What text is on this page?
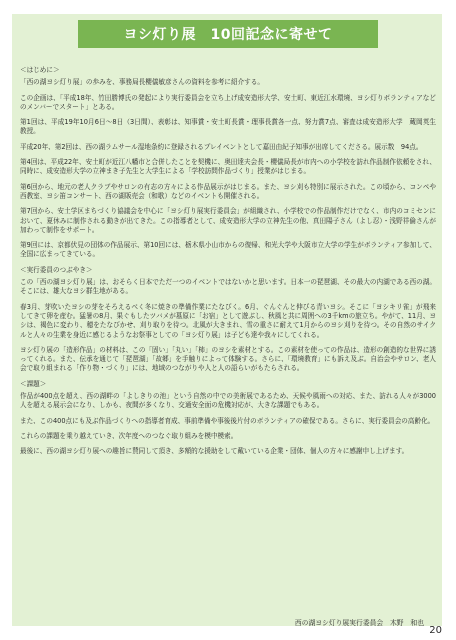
ヨシ灯り展　10回記念に寄せて

＜はじめに＞

「西の湖ヨシ灯り展」の歩みを、事務局長櫻儀敏彦さんの資料を参考に紹介する。

この企画は、「平成18年、竹田勝博氏の発起により実行委員会を立ち上げ成安造形大学、安土町、東近江水環境、ヨシ灯りボランティアなどのメンバーでスタート」とある。

第1回は、平成19年10月6日～8日（3日間）、表彰は、知事賞・安土町長賞・理事長賞各一点、努力賞7点、審査は成安造形大学　蔵岡英生教授。

平成20年、第2回は、西の湖ラムサール湿地条約に登録されるプレイベントとして嘉田由紀子知事が出席してくださる。展示数　94点。

第4回は、平成22年、安土町が近江八幡市と合併したことを契機に、奥田達夫会長・櫻儀局長が市内への小学校を訪れ作品制作依頼をされ、同時に、成安造形大学の立神まき子先生と大学生による「学校訪問作品づくり」授業がはじまる。

第6回から、地元の老人クラブやサロンの有志の方々による作品展示がはじまる。また、ヨシ刈も特別に展示された。この頃から、コンペや西教室、ヨシ笛コンサート、西の湖販売会（和歌）などのイベントも開催される。

第7回から、安土学区まちづくり協議会を中心に「ヨシ灯り展実行委員会」が組織され、小学校での作品制作だけでなく、市内のコミセンにおいて、夏休みに制作される動きが出てきた。この指導者として、成安造形大学の立神先生の他、真田陽子さん（よし忍）・浅野祥倫さんが加わって制作をサポート。

第9回には、京都伏見の団体の作品展示、第10回には、栃木県小山市からの復帰、和光大学や大阪市立大学の学生がボランティア参加して、全国に広まってきている。

＜実行委員のつぶやき＞

この「西の湖ヨシ灯り展」は、おそらく日本でただ一つのイベントではないかと思います。日本一の琵琶湖、その最大の内湖である西の湖。そこには、雄大なヨシ群生地がある。

春3月、芽吹いたヨシの芽をそろえるべく冬に焼きの準備作業にたなびく。6月、ぐんぐんと伸びる青いヨシ。そこに「ヨシキリ雀」が飛来してきて卵を産む。猛暑の8月、果ぐもしたツバメが墓原に「お宿」として遊ぶし、秋風と共に周囲への3千kmの旅立ち。やがて、11月、ヨシは、褐色に変わり、穂をたなびかせ、刈り取りを待つ。北風が大きまれ、雪の重さに耐えて1月からのヨシ刈りを待つ。その自然のサイクルと人々の生業を身近に感じるようなお祭事としての「ヨシ灯り展」は子ども達や我々にしてくれる。

ヨシ灯り展の「造形作品」の材料は、この「固い」「丸い」「柿」のヨシを素材とする。この素材を使っての作品は、造形の創造的な世界に誘ってくれる。また、伝承を通じて「琵琶湖」「故郷」を手触りによって体験する。さらに、「環境教育」にも訴え及ぶ。自治会やサロン、老人会で取り組まれる「作り物・づくり」には、地域のつながりや人と人の語らいがもたらされる。

＜課題＞

作品が400点を超え、西の湖畔の「よしきりの池」という自然の中での美術展であるため、天候や風雨への対応、また、訪れる人々が3000人を超える展示会になり、しかも、夜間が多くなり、交通安全面の危機対応が、大きな課題でもある。

また、この400点にも及ぶ作品づくりへの指導者育成、事前準備や事後後片付のボランティアの確保である。さらに、実行委員会の高齢化。

これらの課題を乗り越えていき、次年度へのつなぐ取り組みを模中模索。

最後に、西の湖ヨシ灯り展への趣旨に賛同して頂き、多額的な援助をして戴いている企業・団体、個人の方々に感謝申し上げます。

西の湖ヨシ灯り展実行委員会　木野　和也
20
